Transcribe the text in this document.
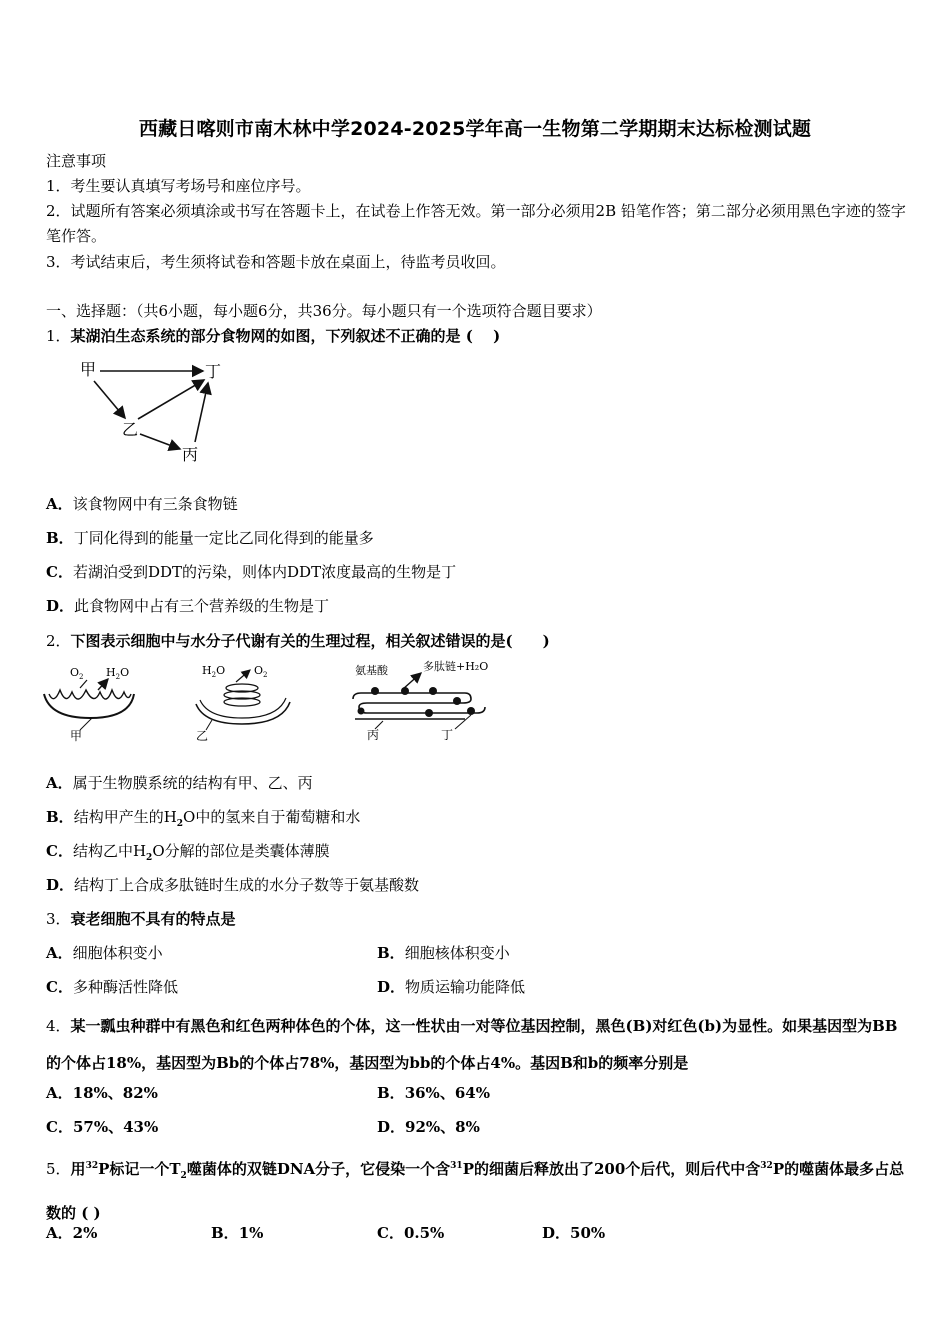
西藏日喀则市南木林中学2024-2025学年高一生物第二学期期末达标检测试题
注意事项
1．考生要认真填写考场号和座位序号。
2．试题所有答案必须填涂或书写在答题卡上，在试卷上作答无效。第一部分必须用2B 铅笔作答；第二部分必须用黑色字迹的签字笔作答。
3．考试结束后，考生须将试卷和答题卡放在桌面上，待监考员收回。
一、选择题：（共6小题，每小题6分，共36分。每小题只有一个选项符合题目要求）
1．某湖泊生态系统的部分食物网的如图，下列叙述不正确的是 (　 )
甲	丁
乙
丙
A．该食物网中有三条食物链
B．丁同化得到的能量一定比乙同化得到的能量多
C．若湖泊受到DDT的污染，则体内DDT浓度最高的生物是丁
D．此食物网中占有三个营养级的生物是丁
2．下图表示细胞中与水分子代谢有关的生理过程，相关叙述错误的是(　　)
$O_2$ $H_2O$
甲
$H_2O$	$O_2$
乙
氨基酸	多肽链+H₂O
丙	丁
A．属于生物膜系统的结构有甲、乙、丙
B．结构甲产生的$H_2O$中的氢来自于葡萄糖和水
C．结构乙中$H_2O$分解的部位是类囊体薄膜
D．结构丁上合成多肽链时生成的水分子数等于氨基酸数
3．衰老细胞不具有的特点是
A．细胞体积变小	B．细胞核体积变小
C．多种酶活性降低	D．物质运输功能降低
4．某一瓢虫种群中有黑色和红色两种体色的个体，这一性状由一对等位基因控制，黑色(B)对红色(b)为显性。如果基因型为BB的个体占18%，基因型为Bb的个体占78%，基因型为bb的个体占4%。基因B和b的频率分别是
A．18%、82%	B．36%、64%
C．57%、43%	D．92%、8%
5．用$^{32}$P标记一个$T_2$噬菌体的双链DNA分子，它侵染一个含$^{31}$P的细菌后释放出了200个后代，则后代中含$^{32}$P的噬菌体最多占总数的 ( )
A．2%	B．1%	C．0.5%	D．50%
